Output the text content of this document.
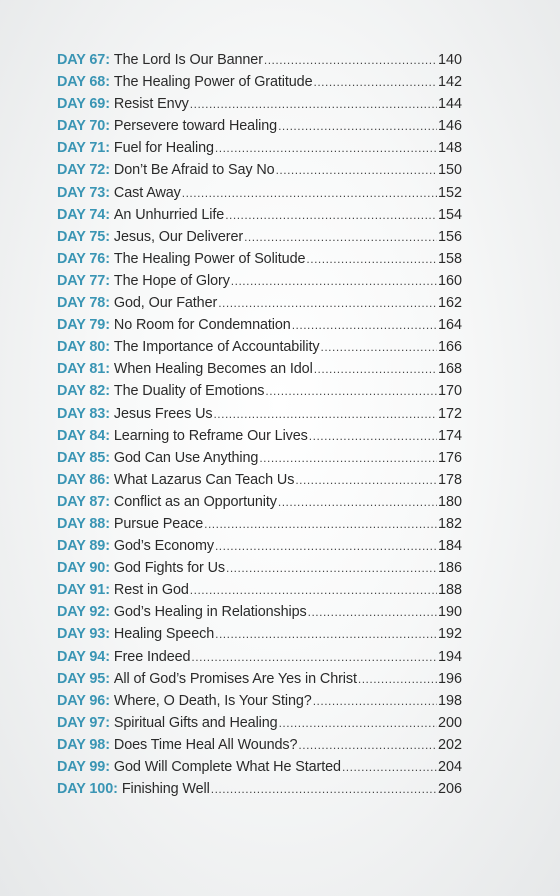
DAY 67: The Lord Is Our Banner .....	140
DAY 68: The Healing Power of Gratitude .....	142
DAY 69: Resist Envy .....	144
DAY 70: Persevere toward Healing .....	146
DAY 71: Fuel for Healing .....	148
DAY 72: Don’t Be Afraid to Say No .....	150
DAY 73: Cast Away .....	152
DAY 74: An Unhurried Life .....	154
DAY 75: Jesus, Our Deliverer .....	156
DAY 76: The Healing Power of Solitude .....	158
DAY 77: The Hope of Glory .....	160
DAY 78: God, Our Father .....	162
DAY 79: No Room for Condemnation .....	164
DAY 80: The Importance of Accountability .....	166
DAY 81: When Healing Becomes an Idol .....	168
DAY 82: The Duality of Emotions .....	170
DAY 83: Jesus Frees Us .....	172
DAY 84: Learning to Reframe Our Lives .....	174
DAY 85: God Can Use Anything .....	176
DAY 86: What Lazarus Can Teach Us .....	178
DAY 87: Conflict as an Opportunity .....	180
DAY 88: Pursue Peace .....	182
DAY 89: God’s Economy .....	184
DAY 90: God Fights for Us .....	186
DAY 91: Rest in God .....	188
DAY 92: God’s Healing in Relationships .....	190
DAY 93: Healing Speech .....	192
DAY 94: Free Indeed .....	194
DAY 95: All of God’s Promises Are Yes in Christ .....	196
DAY 96: Where, O Death, Is Your Sting? .....	198
DAY 97: Spiritual Gifts and Healing .....	200
DAY 98: Does Time Heal All Wounds? .....	202
DAY 99: God Will Complete What He Started .....	204
DAY 100: Finishing Well .....	206
